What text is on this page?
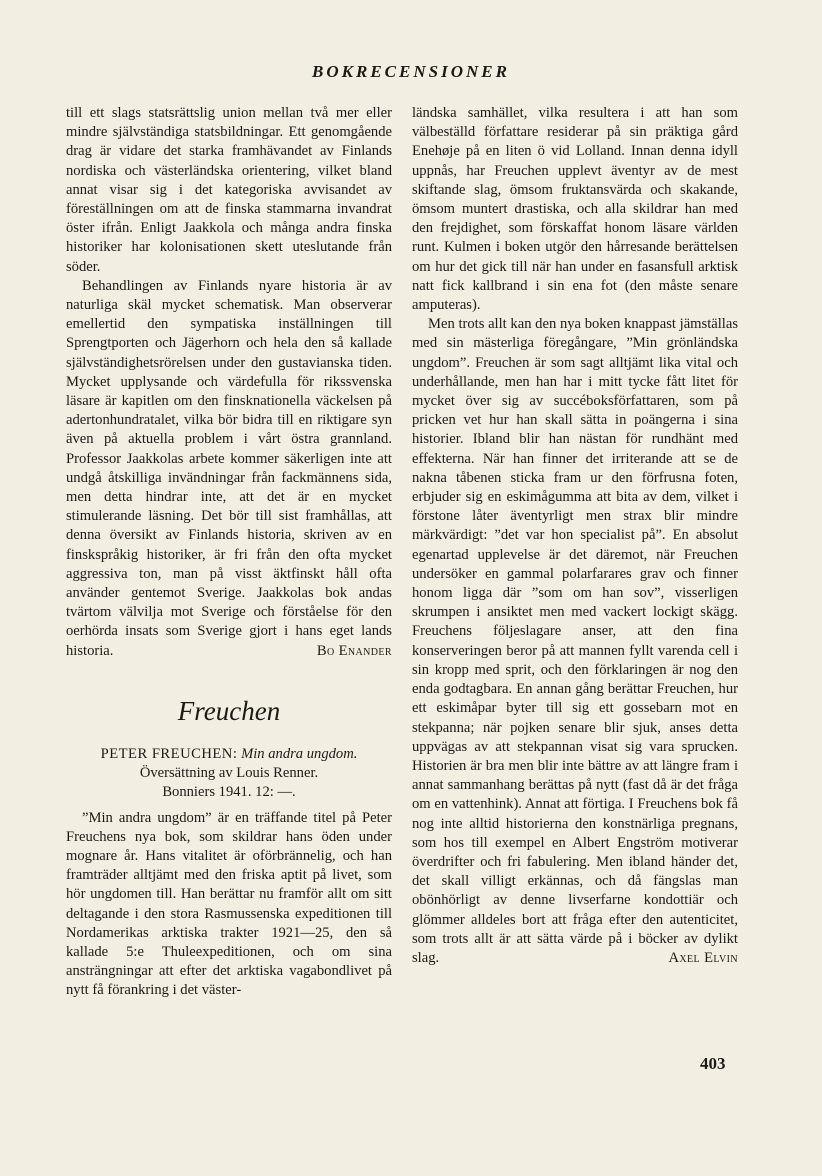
BOKRECENSIONER

till ett slags statsrättslig union mellan två mer eller mindre självständiga statsbildningar. Ett genomgående drag är vidare det starka framhävandet av Finlands nordiska och västerländska orientering, vilket bland annat visar sig i det kategoriska avvisandet av föreställningen om att de finska stammarna invandrat öster ifrån. Enligt Jaakkola och många andra finska historiker har kolonisationen skett uteslutande från söder.

Behandlingen av Finlands nyare historia är av naturliga skäl mycket schematisk. Man observerar emellertid den sympatiska inställningen till Sprengtporten och Jägerhorn och hela den så kallade självständighetsrörelsen under den gustavianska tiden. Mycket upplysande och värdefulla för rikssvenska läsare är kapitlen om den finsknationella väckelsen på adertonhundratalet, vilka bör bidra till en riktigare syn även på aktuella problem i vårt östra grannland. Professor Jaakkolas arbete kommer säkerligen inte att undgå åtskilliga invändningar från fackmännens sida, men detta hindrar inte, att det är en mycket stimulerande läsning. Det bör till sist framhållas, att denna översikt av Finlands historia, skriven av en finskspråkig historiker, är fri från den ofta mycket aggressiva ton, man på visst äktfinskt håll ofta använder gentemot Sverige. Jaakkolas bok andas tvärtom välvilja mot Sverige och förståelse för den oerhörda insats som Sverige gjort i hans eget lands historia.	Bo Enander

Freuchen
PETER FREUCHEN: Min andra ungdom.
Översättning av Louis Renner.
Bonniers 1941. 12: —.

”Min andra ungdom” är en träffande titel på Peter Freuchens nya bok, som skildrar hans öden under mognare år. Hans vitalitet är oförbrännelig, och han framträder alltjämt med den friska aptit på livet, som hör ungdomen till. Han berättar nu framför allt om sitt deltagande i den stora Rasmussenska expeditionen till Nordamerikas arktiska trakter 1921—25, den så kallade 5:e Thuleexpeditionen, och om sina ansträngningar att efter det arktiska vagabondlivet på nytt få förankring i det väster-

ländska samhället, vilka resultera i att han som välbeställd författare residerar på sin präktiga gård Enehøje på en liten ö vid Lolland. Innan denna idyll uppnås, har Freuchen upplevt äventyr av de mest skiftande slag, ömsom fruktansvärda och skakande, ömsom muntert drastiska, och alla skildrar han med den frejdighet, som förskaffat honom läsare världen runt. Kulmen i boken utgör den hårresande berättelsen om hur det gick till när han under en fasansfull arktisk natt fick kallbrand i sin ena fot (den måste senare amputeras).

Men trots allt kan den nya boken knappast jämställas med sin mästerliga föregångare, ”Min grönländska ungdom”. Freuchen är som sagt alltjämt lika vital och underhållande, men han har i mitt tycke fått litet för mycket över sig av succéboksförfattaren, som på pricken vet hur han skall sätta in poängerna i sina historier. Ibland blir han nästan för rundhänt med effekterna. När han finner det irriterande att se de nakna tåbenen sticka fram ur den förfrusna foten, erbjuder sig en eskimågumma att bita av dem, vilket i förstone låter äventyrligt men strax blir mindre märkvärdigt: ”det var hon specialist på”. En absolut egenartad upplevelse är det däremot, när Freuchen undersöker en gammal polarfarares grav och finner honom ligga där ”som om han sov”, visserligen skrumpen i ansiktet men med vackert lockigt skägg. Freuchens följeslagare anser, att den fina konserveringen beror på att mannen fyllt varenda cell i sin kropp med sprit, och den förklaringen är nog den enda godtagbara. En annan gång berättar Freuchen, hur ett eskimåpar byter till sig ett gossebarn mot en stekpanna; när pojken senare blir sjuk, anses detta uppvägas av att stekpannan visat sig vara sprucken. Historien är bra men blir inte bättre av att längre fram i annat sammanhang berättas på nytt (fast då är det fråga om en vattenhink). Annat att förtiga. I Freuchens bok få nog inte alltid historierna den konstnärliga pregnans, som hos till exempel en Albert Engström motiverar överdrifter och fri fabulering. Men ibland händer det, det skall villigt erkännas, och då fängslas man obönhörligt av denne livserfarne kondottiär och glömmer alldeles bort att fråga efter den autenticitet, som trots allt är att sätta värde på i böcker av dylikt slag.	Axel Elvin

403
